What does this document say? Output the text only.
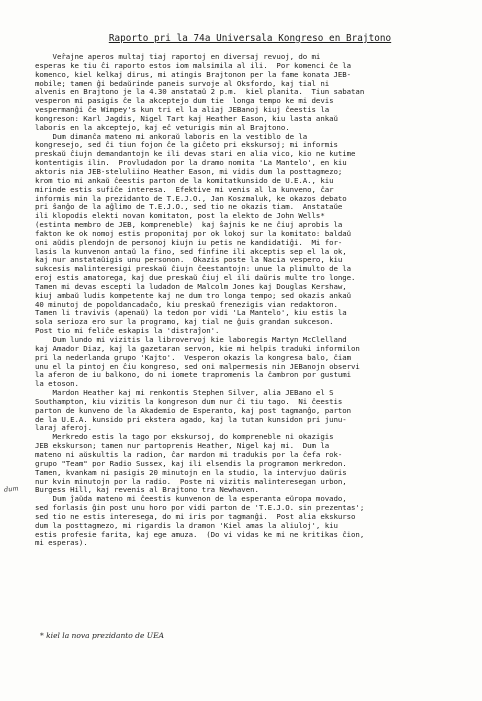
Raporto pri la 74a Universala Kongreso en Brajtono
Ver̂ajne aperos multaj tiaj raportoj en diversaj revuoj, do mi
esperas ke tiu ĉi raporto estos iom malsimila al ili.  Por komenci ĉe la
komenco, kiel kelkaj dirus, mi atingis Brajtonon per la fame konata JEB-
mobile; tamen ĝi bedaŭrinde paneis survoje al Oksfordo, kaj tial ni
alvenis en Brajtono je la 4.30 anstataŭ 2 p.m.  kiel planita.  Tiun sabatan
vesperon mi pasigis ĉe la akceptejo dum tie  longa tempo ke mi devis
vespermanĝi ĉe Wimpey's kun tri el la aliaj JEBanoj kiuj ĉeestis la
kongreson: Karl Jagdis, Nigel Tart kaj Heather Eason, kiu lasta ankaŭ
laboris en la akceptejo, kaj eĉ veturigis min al Brajtono.
Dum dimanĉa mateno mi ankoraŭ laboris en la vestiblo de la
kongresejo, sed ĉi tiun fojon ĉe la giĉeto pri ekskursoj; mi informis
preskaŭ ĉiujn demandantojn ke ili devas stari en alia vico, kio ne kutime
kontentigis ilin.  Provludadon por la dramo nomita 'La Mantelo', en kiu
aktoris nia JEB-steluliino Heather Eason, mi vidis dum la posttagmezo;
krom tio mi ankaŭ ĉeestis parton de la komitatkunsido de U.E.A., kiu
mirinde estis sufiĉe interesa.  Efektive mi venis al la kunveno, ĉar
informis min la prezidanto de T.E.J.O., Jan Koszmaluk, ke okazos debato
pri ŝanĝo de la aĝlimo de T.E.J.O., sed tio ne okazis tiam.  Anstataŭe
ili klopodis elekti novan komitaton, post la elekto de John Wells*
(estinta membro de JEB, kompreneble)  kaj ŝajnis ke ne ĉiuj aprobis la
fakton ke ok nomoj estis proponitaj por ok lokoj sur la komitato: baldaŭ
oni aŭdis plendojn de personoj kiujn iu petis ne kandidatiĝi.  Mi for-
lasis la kunvenon antaŭ la fino, sed finfine ili akceptis sep el la ok,
kaj nur anstataŭigis unu personon.  Okazis poste la Nacia vespero, kiu
sukcesis malinteresigi preskaŭ ĉiujn ĉeestantojn: unue la plimulto de la
eroj estis amatorega, kaj due preskaŭ ĉiuj el ili daŭris multe tro longe.
Tamen mi devas escepti la ludadon de Malcolm Jones kaj Douglas Kershaw,
kiuj ambaŭ ludis kompetente kaj ne dum tro longa tempo; sed okazis ankaŭ
40 minutoj de popoldancadaĉo, kiu preskaŭ frenezigis vian redaktoron.
Tamen li travivis (apenaŭ) la tedon por vidi 'La Mantelo', kiu estis la
sola serioza ero sur la programo, kaj tial ne ĝuis grandan sukceson.
Post tio mi feliĉe eskapis la 'distraĵon'.
Dum lundo mi vizitis la librovervoj kie laboregis Martyn McClelland
kaj Amador Diaz, kaj la gazetaran servon, kie mi helpis traduki informilon
pri la nederlanda grupo 'Kajto'.  Vesperon okazis la kongresa balo, ĉiam
unu el la pintoj en ĉiu kongreso, sed oni malpermesis nin JEBanojn observi
la aferon de iu balkono, do ni iomete trapromenis la ĉambron por gustumi
la etoson.
Mardon Heather kaj mi renkontis Stephen Silver, alia JEBano el S
Southampton, kiu vizitis la kongreson dum nur ĉi tiu tago.  Ni ĉeestis
parton de kunveno de la Akademio de Esperanto, kaj post tagmanĝo, parton
de la U.E.A. kunsido pri ekstera agado, kaj la tutan kunsidon pri junu-
laraj aferoj.
Merkredo estis la tago por ekskursoj, do kompreneble ni okazigis
JEB ekskurson; tamen nur partoprenis Heather, Nigel kaj mi.  Dum la
mateno ni aŭskultis la radion, ĉar mardon mi tradukis por la ĉefa rok-
grupo "Team" por Radio Sussex, kaj ili elsendis la programon merkredon.
Tamen, kvankam ni pasigis 20 minutojn en la studio, la intervjuo daŭris
nur kvin minutojn por la radio.  Poste ni vizitis malinteresegan urbon,
Burgess Hill, kaj revenis al Brajtono tra Newhaven.
Dum ĵaŭda mateno mi ĉeestis kunvenon de la esperanta eŭropa movado,
sed forlasis ĝin post unu horo por vidi parton de 'T.E.J.O. sin prezentas';
sed tio ne estis interesega, do mi iris por tagmanĝi.  Post alia ekskurso
dum la posttagmezo, mi rigardis la dramon 'Kiel amas la aliuloj', kiu
estis profesie farita, kaj ege amuza.  (Do vi vidas ke mi ne kritikas ĉion,
mi esperas).
dum
* kiel la nova prezidanto de UEA
